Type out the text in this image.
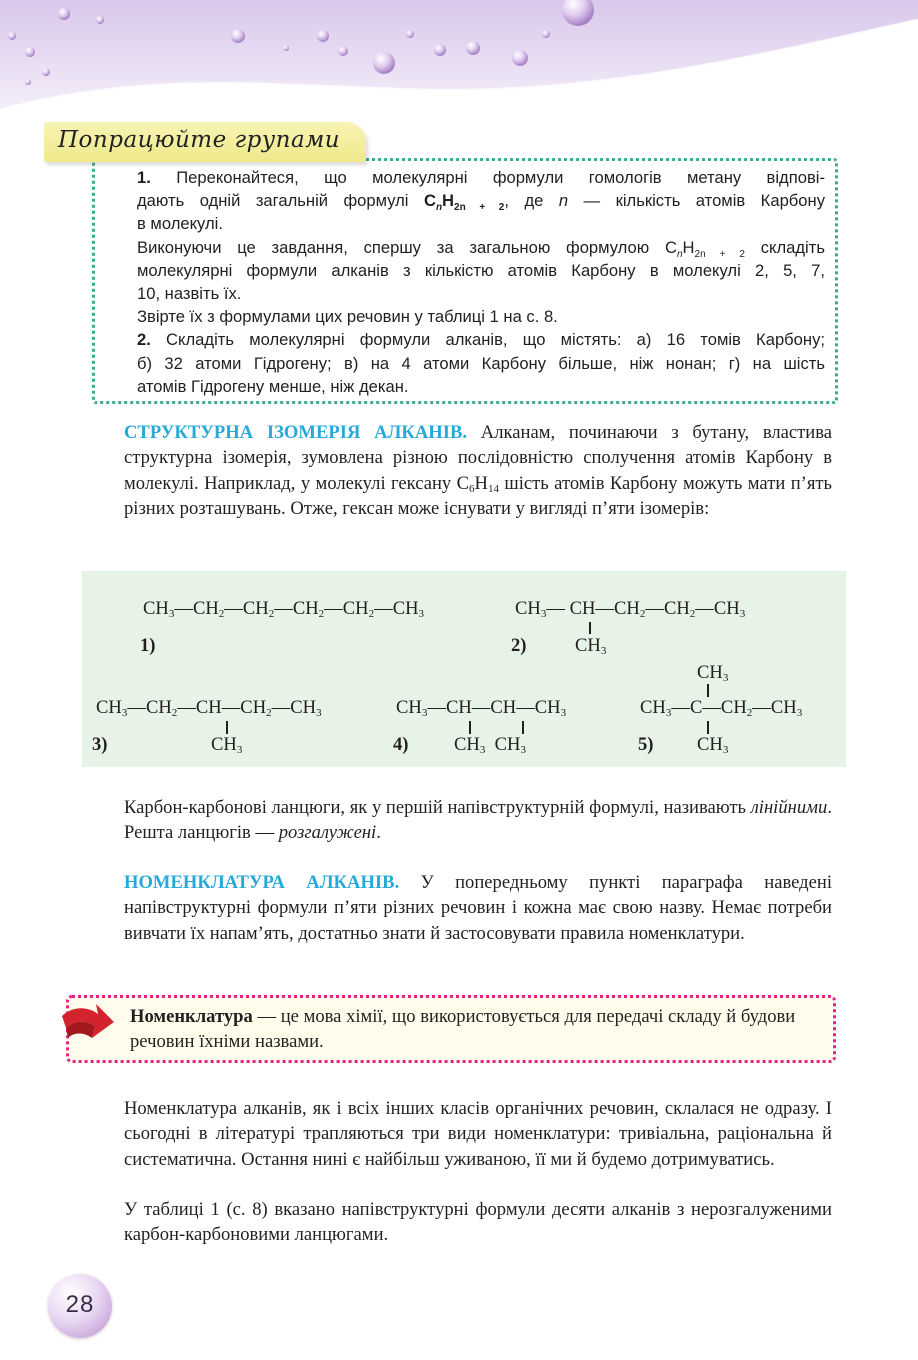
Попрацюйте групами

1. Переконайтеся, що молекулярні формули гомологів метану відпові-

дають одній загальній формулі $C_nH_{2n + 2}$, де n — кількість атомів Карбону

в молекулі.

Виконуючи це завдання, спершу за загальною формулою $C_nH_{2n + 2}$ складіть

молекулярні формули алканів з кількістю атомів Карбону в молекулі 2, 5, 7,

10, назвіть їх.

Звірте їх з формулами цих речовин у таблиці 1 на с. 8.

2. Складіть молекулярні формули алканів, що містять: а) 16 томів Карбону;

б) 32 атоми Гідрогену; в) на 4 атоми Карбону більше, ніж нонан; г) на шість

атомів Гідрогену менше, ніж декан.

СТРУКТУРНА ІЗОМЕРІЯ АЛКАНІВ. Алканам, починаючи з бутану, властива структурна ізомерія, зумовлена різною послідовністю сполучення атомів Карбону в молекулі. Наприклад, у молекулі гексану $C_6H_{14}$ шість атомів Карбону можуть мати п’ять різних розташувань. Отже, гексан може існувати у вигляді п’яти ізомерів:

$CH_3—CH_2—CH_2—CH_2—CH_2—CH_3$
1)
$CH_3—$ $CH—CH_2—CH_2—CH_3$
$CH_3$
2)
$CH_3—CH_2—CH—CH_2—CH_3$
$CH_3$
3)
$CH_3—CH—CH—CH_3$
$CH_3$  $CH_3$
4)
$CH_3$
$CH_3—C—CH_2—CH_3$
$CH_3$
5)

Карбон-карбонові ланцюги, як у першій напівструктурній формулі, називають лінійними. Решта ланцюгів — розгалужені.

НОМЕНКЛАТУРА АЛКАНІВ. У попередньому пункті параграфа наведені напівструктурні формули п’яти різних речовин і кожна має свою назву. Немає потреби вивчати їх напам’ять, достатньо знати й застосовувати правила номенклатури.

Номенклатура — це мова хімії, що використовується для передачі складу й будови речовин їхніми назвами.

Номенклатура алканів, як і всіх інших класів органічних речовин, склалася не одразу. І сьогодні в літературі трапляються три види номенклатури: тривіальна, раціональна й систематична. Остання нині є найбільш уживаною, її ми й будемо дотримуватись.

У таблиці 1 (с. 8) вказано напівструктурні формули десяти алканів з нерозгалуженими карбон-карбоновими ланцюгами.

28
